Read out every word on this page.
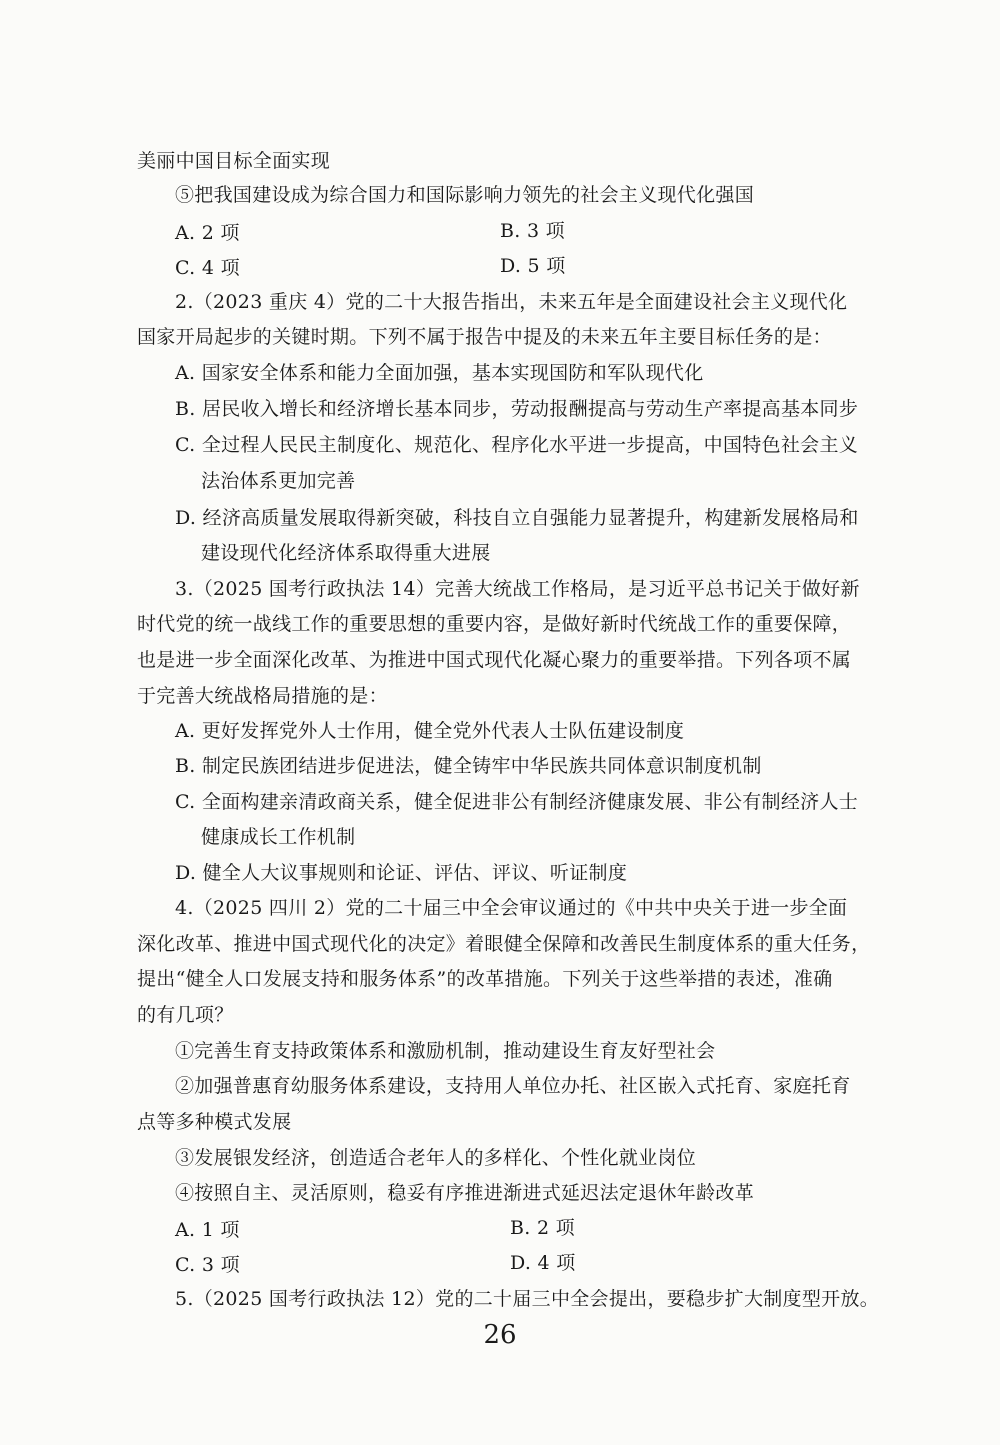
美丽中国目标全面实现
⑤把我国建设成为综合国力和国际影响力领先的社会主义现代化强国
A. 2 项	B. 3 项
C. 4 项	D. 5 项
2.（2023 重庆 4）党的二十大报告指出，未来五年是全面建设社会主义现代化
国家开局起步的关键时期。下列不属于报告中提及的未来五年主要目标任务的是：
A. 国家安全体系和能力全面加强，基本实现国防和军队现代化
B. 居民收入增长和经济增长基本同步，劳动报酬提高与劳动生产率提高基本同步
C. 全过程人民民主制度化、规范化、程序化水平进一步提高，中国特色社会主义
法治体系更加完善
D. 经济高质量发展取得新突破，科技自立自强能力显著提升，构建新发展格局和
建设现代化经济体系取得重大进展
3.（2025 国考行政执法 14）完善大统战工作格局，是习近平总书记关于做好新
时代党的统一战线工作的重要思想的重要内容，是做好新时代统战工作的重要保障，
也是进一步全面深化改革、为推进中国式现代化凝心聚力的重要举措。下列各项不属
于完善大统战格局措施的是：
A. 更好发挥党外人士作用，健全党外代表人士队伍建设制度
B. 制定民族团结进步促进法，健全铸牢中华民族共同体意识制度机制
C. 全面构建亲清政商关系，健全促进非公有制经济健康发展、非公有制经济人士
健康成长工作机制
D. 健全人大议事规则和论证、评估、评议、听证制度
4.（2025 四川 2）党的二十届三中全会审议通过的《中共中央关于进一步全面
深化改革、推进中国式现代化的决定》着眼健全保障和改善民生制度体系的重大任务，
提出“健全人口发展支持和服务体系”的改革措施。下列关于这些举措的表述，准确
的有几项？
①完善生育支持政策体系和激励机制，推动建设生育友好型社会
②加强普惠育幼服务体系建设，支持用人单位办托、社区嵌入式托育、家庭托育
点等多种模式发展
③发展银发经济，创造适合老年人的多样化、个性化就业岗位
④按照自主、灵活原则，稳妥有序推进渐进式延迟法定退休年龄改革
A. 1 项	B. 2 项
C. 3 项	D. 4 项
5.（2025 国考行政执法 12）党的二十届三中全会提出，要稳步扩大制度型开放。
26
